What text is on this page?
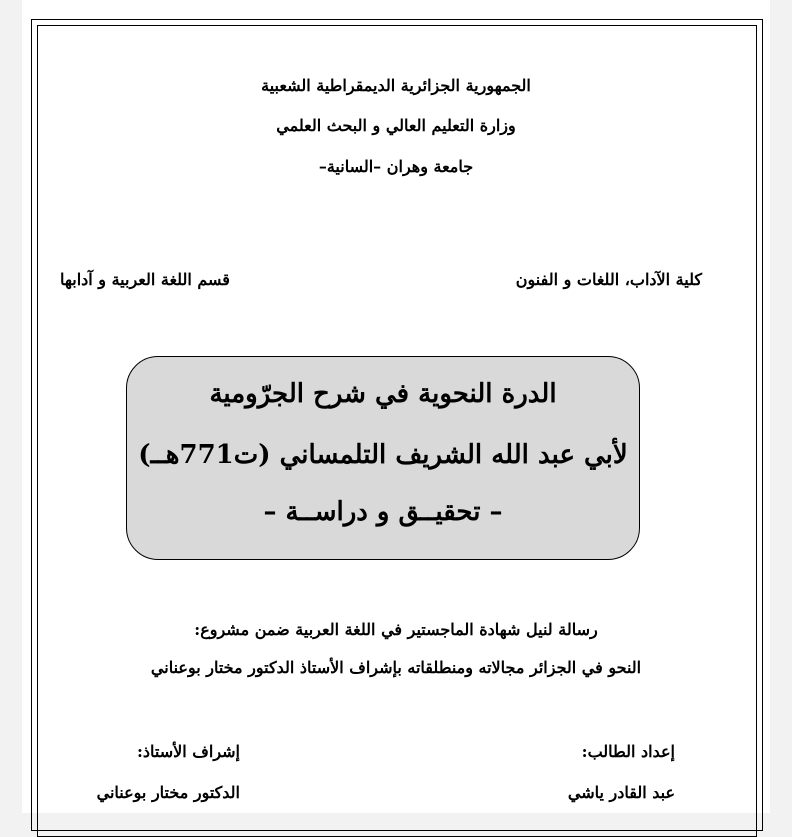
الجمهورية الجزائرية الديمقراطية الشعبية
وزارة التعليم العالي و البحث العلمي
جامعة وهران –السانية–
كلية الآداب، اللغات و الفنون
قسم اللغة العربية و آدابها
الدرة النحوية في شرح الجرّومية
لأبي عبد الله الشريف التلمساني (ت771هــ)
– تحقيــق و دراســة –
رسالة لنيل شهادة الماجستير في اللغة العربية ضمن مشروع:
النحو في الجزائر مجالاته ومنطلقاته بإشراف الأستاذ الدكتور مختار بوعناني
إعداد الطالب:
عبد القادر ياشي
إشراف الأستاذ:
الدكتور مختار بوعناني
